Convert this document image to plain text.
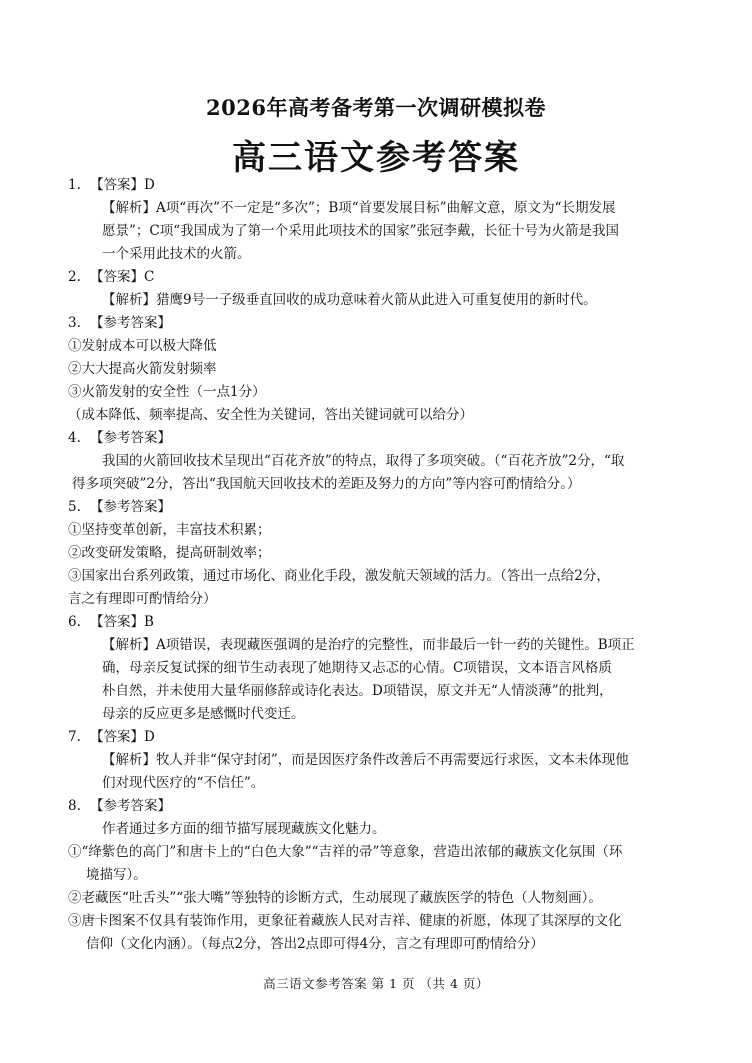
2026年高考备考第一次调研模拟卷
高三语文参考答案
1. 【答案】D
【解析】A项“再次”不一定是“多次”；B项“首要发展目标”曲解文意，原文为“长期发展
愿景”；C项“我国成为了第一个采用此项技术的国家”张冠李戴，长征十号为火箭是我国
一个采用此技术的火箭。
2. 【答案】C
【解析】猎鹰9号一子级垂直回收的成功意味着火箭从此进入可重复使用的新时代。
3. 【参考答案】
①发射成本可以极大降低
②大大提高火箭发射频率
③火箭发射的安全性（一点1分）
（成本降低、频率提高、安全性为关键词，答出关键词就可以给分）
4. 【参考答案】
我国的火箭回收技术呈现出“百花齐放”的特点，取得了多项突破。（“百花齐放”2分，“取
得多项突破”2分，答出“我国航天回收技术的差距及努力的方向”等内容可酌情给分。）
5. 【参考答案】
①坚持变革创新，丰富技术积累；
②改变研发策略，提高研制效率；
③国家出台系列政策，通过市场化、商业化手段，激发航天领域的活力。（答出一点给2分，
言之有理即可酌情给分）
6. 【答案】B
【解析】A项错误，表现藏医强调的是治疗的完整性，而非最后一针一药的关键性。B项正
确，母亲反复试探的细节生动表现了她期待又忐忑的心情。C项错误，文本语言风格质
朴自然，并未使用大量华丽修辞或诗化表达。D项错误，原文并无“人情淡薄”的批判，
母亲的反应更多是感慨时代变迁。
7. 【答案】D
【解析】牧人并非“保守封闭”，而是因医疗条件改善后不再需要远行求医，文本未体现他
们对现代医疗的“不信任”。
8. 【参考答案】
作者通过多方面的细节描写展现藏族文化魅力。
①“绛紫色的高门”和唐卡上的“白色大象”“吉祥的帚”等意象，营造出浓郁的藏族文化氛围（环
境描写）。
②老藏医“吐舌头”“张大嘴”等独特的诊断方式，生动展现了藏族医学的特色（人物刻画）。
③唐卡图案不仅具有装饰作用，更象征着藏族人民对吉祥、健康的祈愿，体现了其深厚的文化
信仰（文化内涵）。（每点2分，答出2点即可得4分，言之有理即可酌情给分）
高三语文参考答案 第 1 页 （共 4 页）
